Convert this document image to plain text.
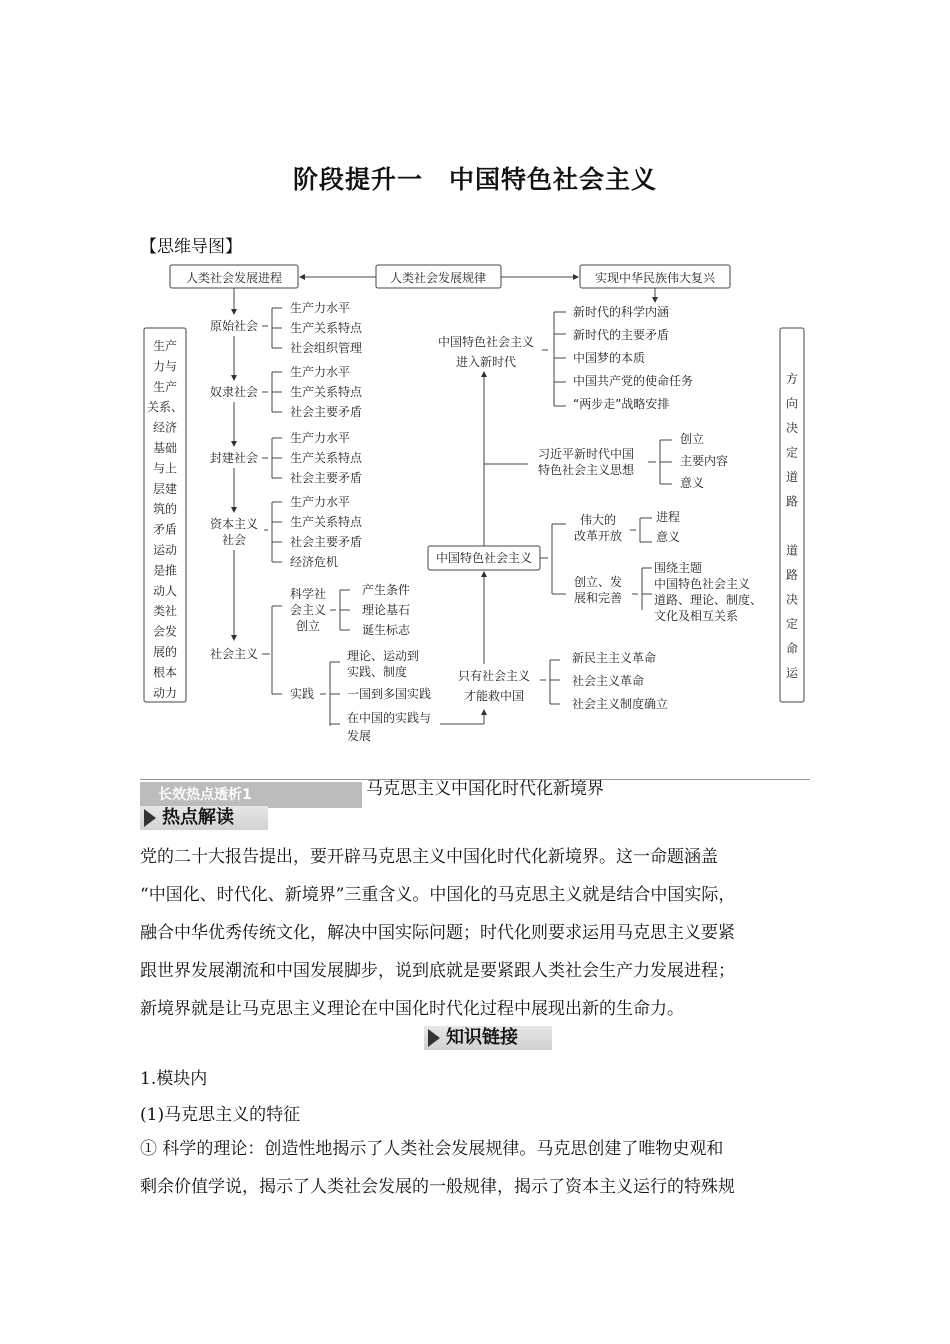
阶段提升一　中国特色社会主义
【思维导图】
人类社会发展进程	人类社会发展规律	实现中华民族伟大复兴
生产
力与
生产
关系、
经济
基础
与上
层建
筑的
矛盾
运动
是推
动人
类社
会发
展的
根本
动力
方
向
决
定
道
路
道
路
决
定
命
运
原始社会
生产力水平
生产关系特点
社会组织管理
奴隶社会
生产力水平
生产关系特点
社会主要矛盾
封建社会
生产力水平
生产关系特点
社会主要矛盾
资本主义
社会
生产力水平
生产关系特点
社会主要矛盾
经济危机
社会主义
科学社
会主义
创立
产生条件
理论基石
诞生标志
实践
理论、运动到
实践、制度
一国到多国实践
在中国的实践与
发展
中国特色社会主义
进入新时代
新时代的科学内涵
新时代的主要矛盾
中国梦的本质
中国共产党的使命任务
“两步走”战略安排
习近平新时代中国
特色社会主义思想
创立
主要内容
意义
中国特色社会主义
伟大的
改革开放
进程
意义
创立、发
展和完善
围绕主题
中国特色社会主义
道路、理论、制度、
文化及相互关系
只有社会主义
才能救中国
新民主主义革命
社会主义革命
社会主义制度确立
长效热点透析1	马克思主义中国化时代化新境界
热点解读
党的二十大报告提出，要开辟马克思主义中国化时代化新境界。这一命题涵盖
“中国化、时代化、新境界”三重含义。中国化的马克思主义就是结合中国实际，
融合中华优秀传统文化，解决中国实际问题；时代化则要求运用马克思主义要紧
跟世界发展潮流和中国发展脚步，说到底就是要紧跟人类社会生产力发展进程；
新境界就是让马克思主义理论在中国化时代化过程中展现出新的生命力。
知识链接
1.模块内
(1)马克思主义的特征
① 科学的理论：创造性地揭示了人类社会发展规律。马克思创建了唯物史观和
剩余价值学说，揭示了人类社会发展的一般规律，揭示了资本主义运行的特殊规
